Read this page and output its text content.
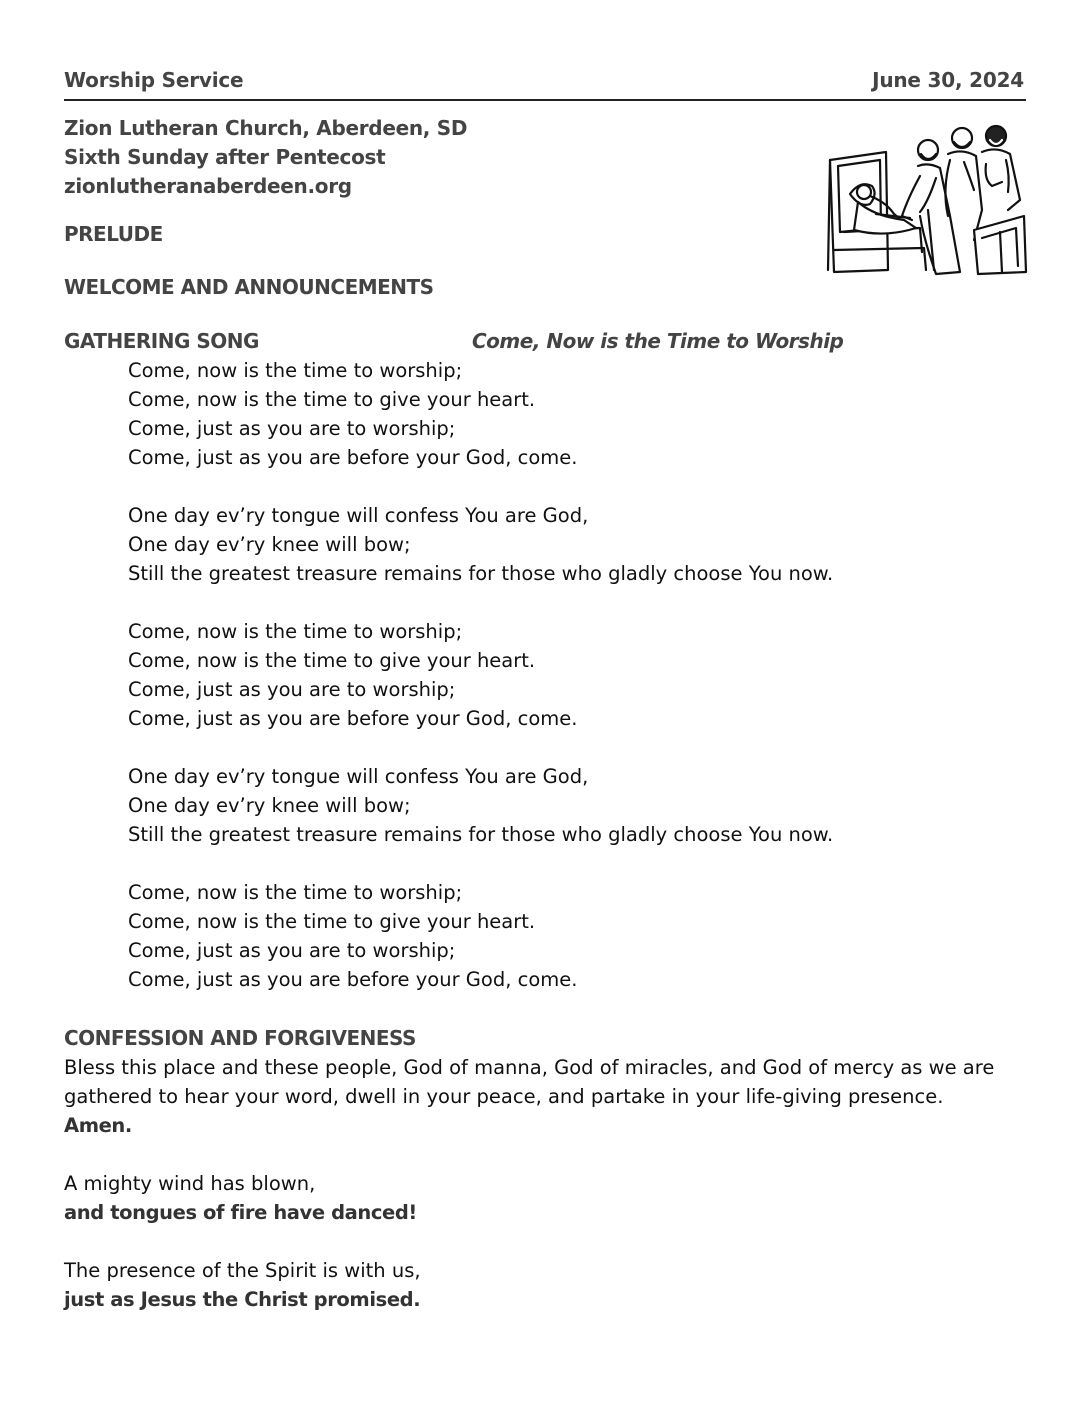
Worship Service	June 30, 2024
Zion Lutheran Church, Aberdeen, SD
Sixth Sunday after Pentecost
zionlutheranaberdeen.org
PRELUDE
WELCOME AND ANNOUNCEMENTS
GATHERING SONG	Come, Now is the Time to Worship
Come, now is the time to worship;
Come, now is the time to give your heart.
Come, just as you are to worship;
Come, just as you are before your God, come.
One day ev’ry tongue will confess You are God,
One day ev’ry knee will bow;
Still the greatest treasure remains for those who gladly choose You now.
Come, now is the time to worship;
Come, now is the time to give your heart.
Come, just as you are to worship;
Come, just as you are before your God, come.
One day ev’ry tongue will confess You are God,
One day ev’ry knee will bow;
Still the greatest treasure remains for those who gladly choose You now.
Come, now is the time to worship;
Come, now is the time to give your heart.
Come, just as you are to worship;
Come, just as you are before your God, come.
CONFESSION AND FORGIVENESS
Bless this place and these people, God of manna, God of miracles, and God of mercy as we are
gathered to hear your word, dwell in your peace, and partake in your life-giving presence.
Amen.
A mighty wind has blown,
and tongues of fire have danced!
The presence of the Spirit is with us,
just as Jesus the Christ promised.
